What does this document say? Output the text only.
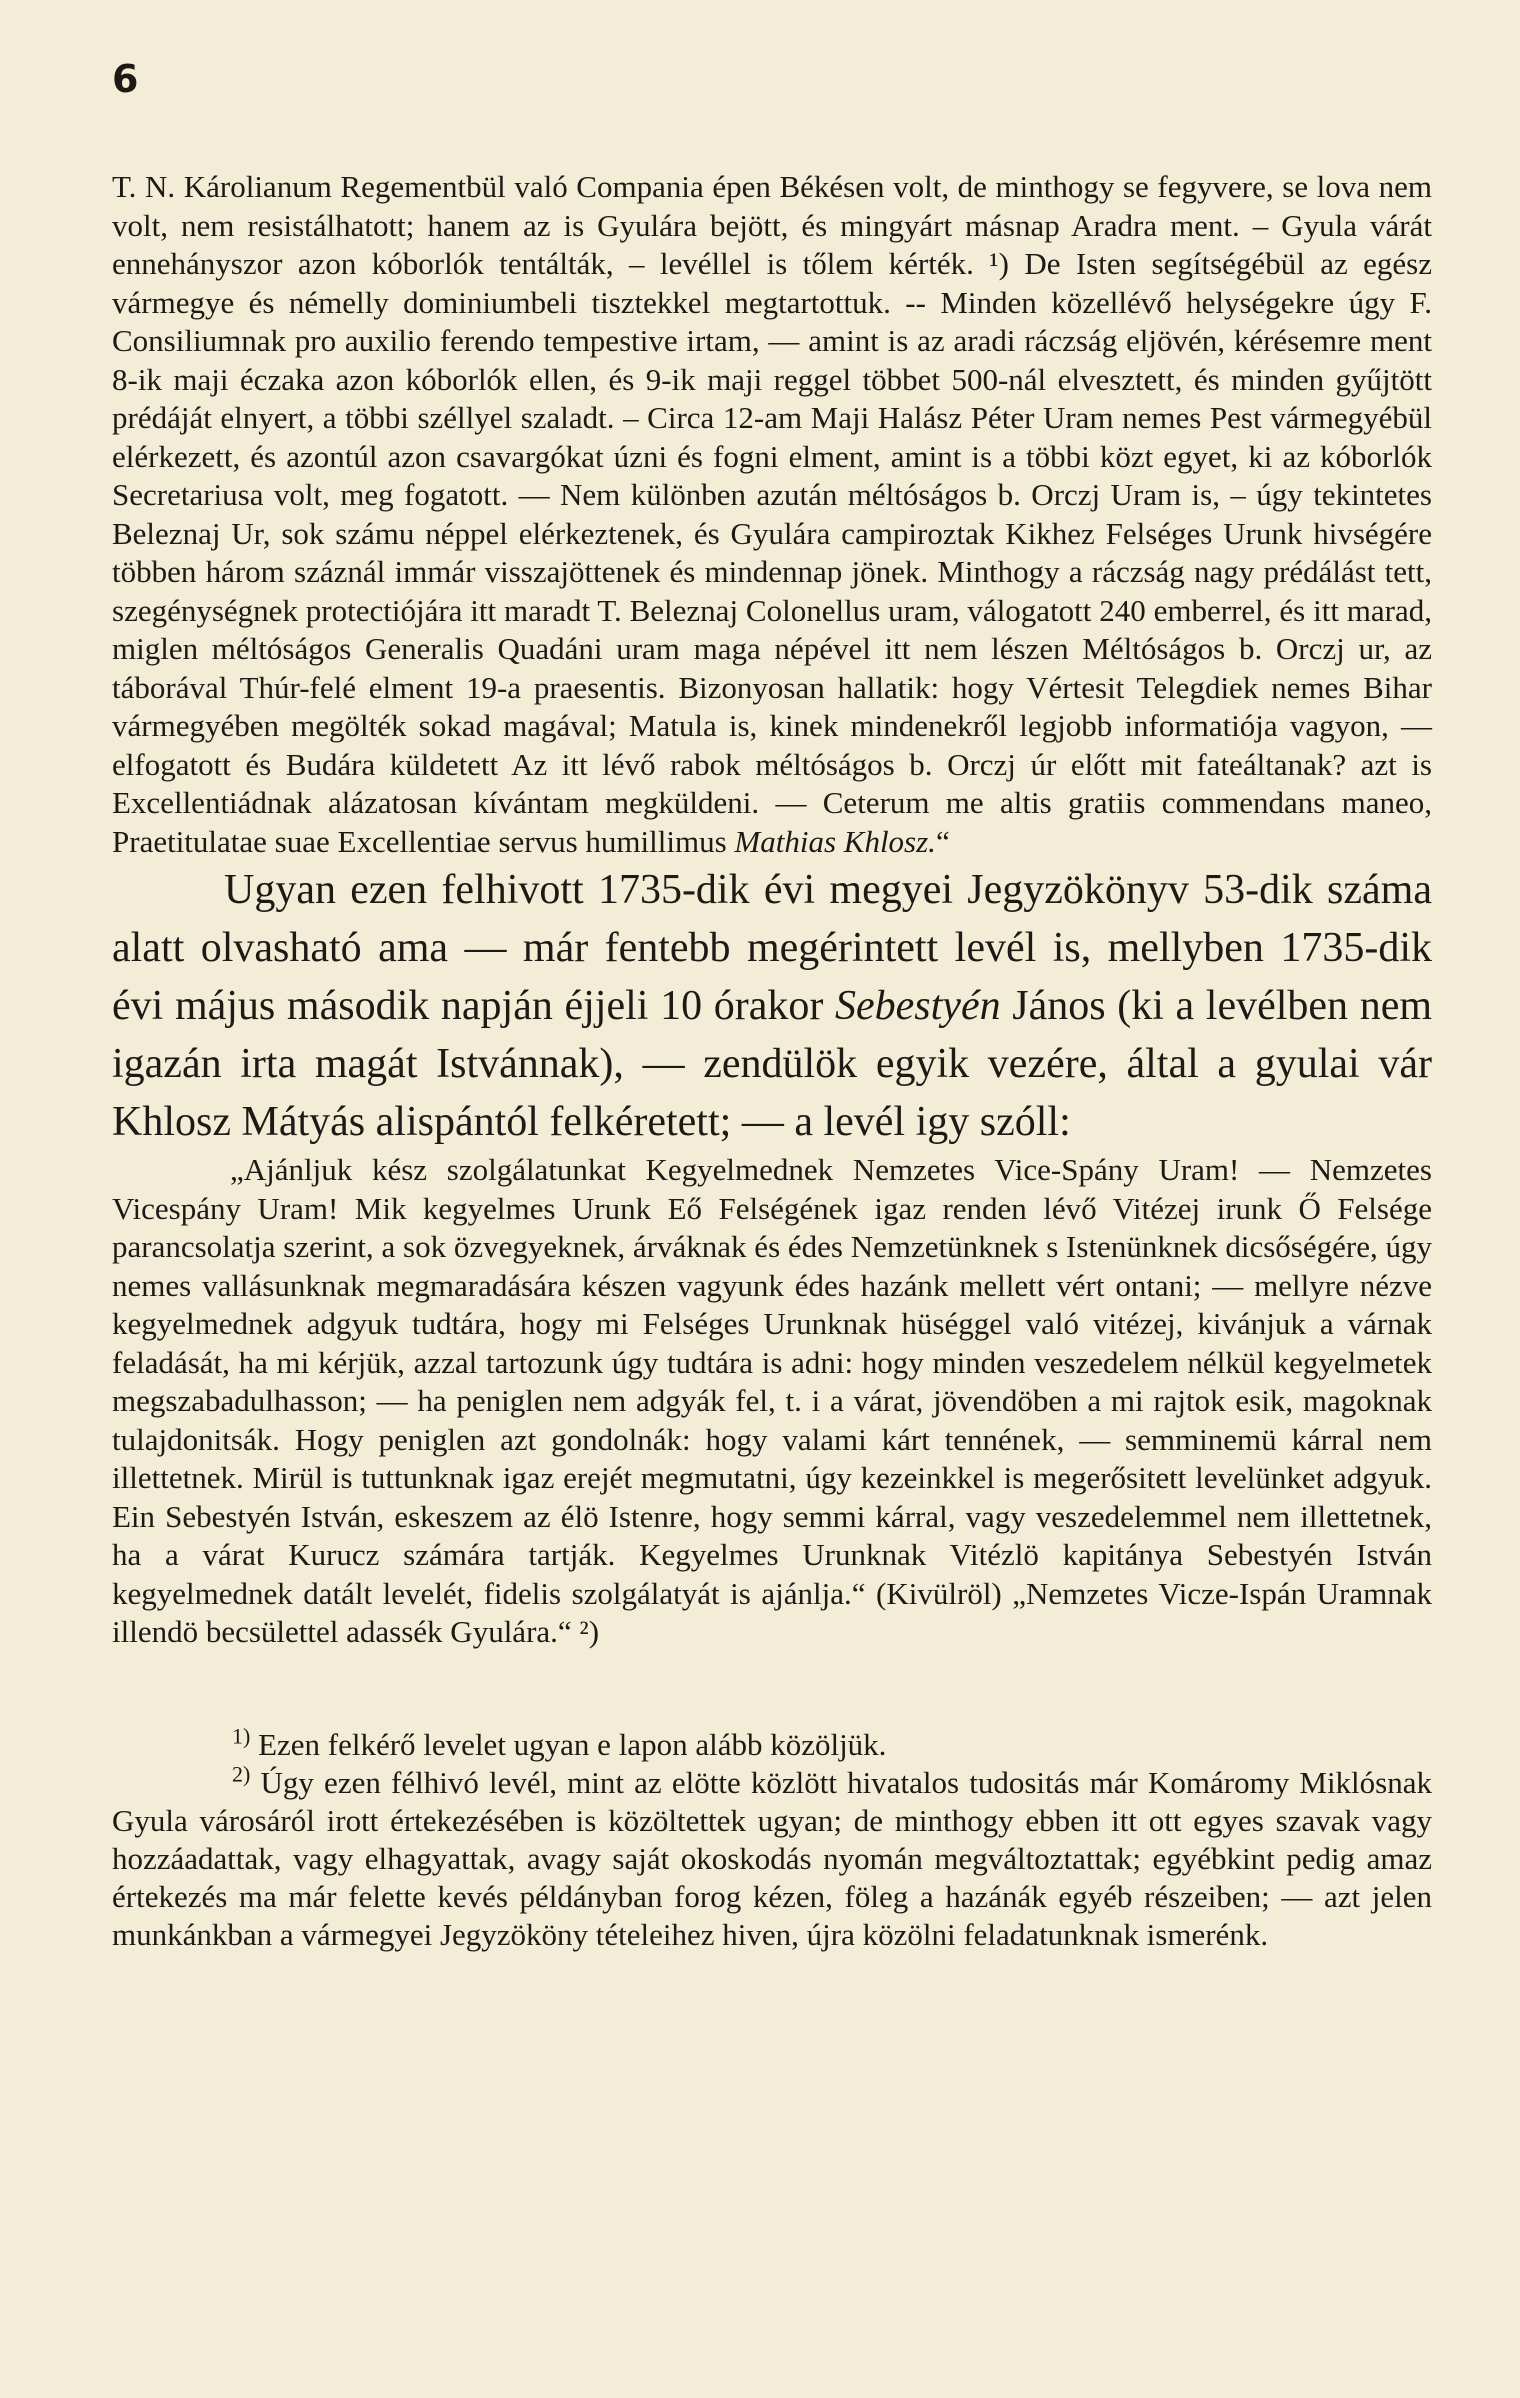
6

T. N. Károlianum Regementbül való Compania épen Békésen volt, de minthogy se fegyvere, se lova nem volt, nem resistálhatott; hanem az is Gyulára bejött, és mingyárt másnap Aradra ment. – Gyula várát ennehányszor azon kóborlók tentálták, – levéllel is tőlem kérték. ¹) De Isten segítségébül az egész vármegye és némelly dominiumbeli tisztekkel megtartottuk. -- Minden közellévő helységekre úgy F. Consiliumnak pro auxilio ferendo tempestive irtam, — amint is az aradi ráczság eljövén, kérésemre ment 8-ik maji éczaka azon kóborlók ellen, és 9-ik maji reggel többet 500-nál elvesztett, és minden gyűjtött prédáját elnyert, a többi széllyel szaladt. – Circa 12-am Maji Halász Péter Uram nemes Pest vármegyébül elérkezett, és azontúl azon csavargókat úzni és fogni elment, amint is a többi közt egyet, ki az kóborlók Secretariusa volt, meg fogatott. — Nem különben azután méltóságos b. Orczj Uram is, – úgy tekintetes Beleznaj Ur, sok számu néppel elérkeztenek, és Gyulára campiroztak Kikhez Felséges Urunk hivségére többen három száznál immár visszajöttenek és mindennap jönek. Minthogy a ráczság nagy prédálást tett, szegénységnek protectiójára itt maradt T. Beleznaj Colonellus uram, válogatott 240 emberrel, és itt marad, miglen méltóságos Generalis Quadáni uram maga népével itt nem lészen Méltóságos b. Orczj ur, az táborával Thúr-felé elment 19-a praesentis. Bizonyosan hallatik: hogy Vértesit Telegdiek nemes Bihar vármegyében megölték sokad magával; Matula is, kinek mindenekről legjobb informatiója vagyon, — elfogatott és Budára küldetett Az itt lévő rabok méltóságos b. Orczj úr előtt mit fateáltanak? azt is Excellentiádnak alázatosan kívántam megküldeni. — Ceterum me altis gratiis commendans maneo, Praetitulatae suae Excellentiae servus humillimus Mathias Khlosz.“

Ugyan ezen felhivott 1735-dik évi megyei Jegyzökönyv 53-dik száma alatt olvasható ama — már fentebb megérintett levél is, mellyben 1735-dik évi május második napján éjjeli 10 órakor Sebestyén János (ki a levélben nem igazán irta magát Istvánnak), — zendülök egyik vezére, által a gyulai vár Khlosz Mátyás alispántól felkéretett; — a levél igy szóll:

„Ajánljuk kész szolgálatunkat Kegyelmednek Nemzetes Vice-Spány Uram! — Nemzetes Vicespány Uram! Mik kegyelmes Urunk Eő Felségének igaz renden lévő Vitézej irunk Ő Felsége parancsolatja szerint, a sok özvegyeknek, árváknak és édes Nemzetünknek s Istenünknek dicsőségére, úgy nemes vallásunknak megmaradására készen vagyunk édes hazánk mellett vért ontani; — mellyre nézve kegyelmednek adgyuk tudtára, hogy mi Felséges Urunknak hüséggel való vitézej, kivánjuk a várnak feladását, ha mi kérjük, azzal tartozunk úgy tudtára is adni: hogy minden veszedelem nélkül kegyelmetek megszabadulhasson; — ha peniglen nem adgyák fel, t. i a várat, jövendöben a mi rajtok esik, magoknak tulajdonitsák. Hogy peniglen azt gondolnák: hogy valami kárt tennének, — semminemü kárral nem illettetnek. Mirül is tuttunknak igaz erejét megmutatni, úgy kezeinkkel is megerősitett levelünket adgyuk. Ein Sebestyén István, eskeszem az élö Istenre, hogy semmi kárral, vagy veszedelemmel nem illettetnek, ha a várat Kurucz számára tartják. Kegyelmes Urunknak Vitézlö kapitánya Sebestyén István kegyelmednek datált levelét, fidelis szolgálatyát is ajánlja.“ (Kivülröl) „Nemzetes Vicze-Ispán Uramnak illendö becsülettel adassék Gyulára.“ ²)

$^{1)}$ Ezen felkérő levelet ugyan e lapon alább közöljük.

$^{2)}$ Úgy ezen félhivó levél, mint az elötte közlött hivatalos tudositás már Komáromy Miklósnak Gyula városáról irott értekezésében is közöltettek ugyan; de minthogy ebben itt ott egyes szavak vagy hozzáadattak, vagy elhagyattak, avagy saját okoskodás nyomán megváltoztattak; egyébkint pedig amaz értekezés ma már felette kevés példányban forog kézen, föleg a hazánák egyéb részeiben; — azt jelen munkánkban a vármegyei Jegyzököny tételeihez hiven, újra közölni feladatunknak ismerénk.
